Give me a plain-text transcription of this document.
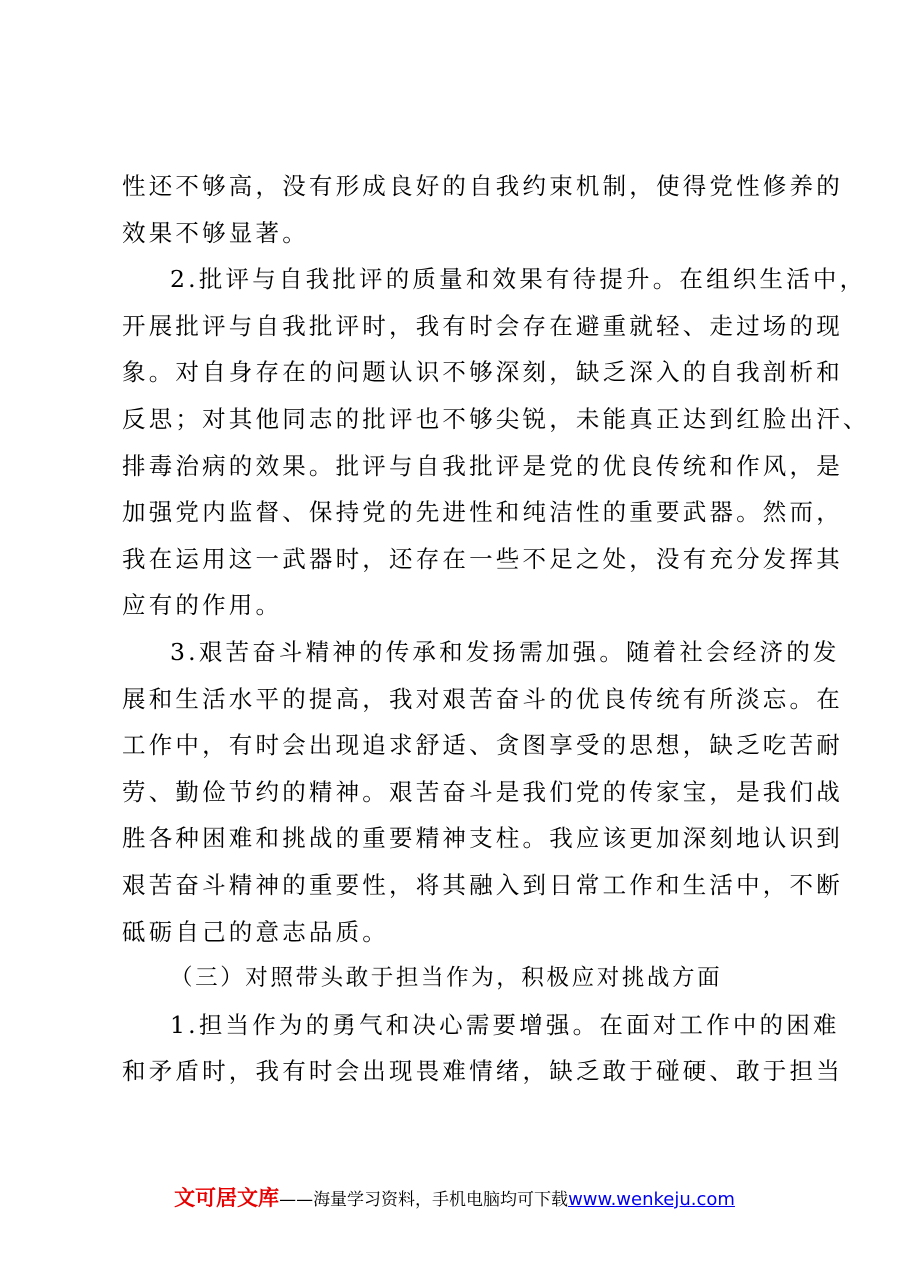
性还不够高，没有形成良好的自我约束机制，使得党性修养的
效果不够显著。
2.批评与自我批评的质量和效果有待提升。在组织生活中，
开展批评与自我批评时，我有时会存在避重就轻、走过场的现
象。对自身存在的问题认识不够深刻，缺乏深入的自我剖析和
反思；对其他同志的批评也不够尖锐，未能真正达到红脸出汗、
排毒治病的效果。批评与自我批评是党的优良传统和作风，是
加强党内监督、保持党的先进性和纯洁性的重要武器。然而，
我在运用这一武器时，还存在一些不足之处，没有充分发挥其
应有的作用。
3.艰苦奋斗精神的传承和发扬需加强。随着社会经济的发
展和生活水平的提高，我对艰苦奋斗的优良传统有所淡忘。在
工作中，有时会出现追求舒适、贪图享受的思想，缺乏吃苦耐
劳、勤俭节约的精神。艰苦奋斗是我们党的传家宝，是我们战
胜各种困难和挑战的重要精神支柱。我应该更加深刻地认识到
艰苦奋斗精神的重要性，将其融入到日常工作和生活中，不断
砥砺自己的意志品质。
（三）对照带头敢于担当作为，积极应对挑战方面
1.担当作为的勇气和决心需要增强。在面对工作中的困难
和矛盾时，我有时会出现畏难情绪，缺乏敢于碰硬、敢于担当
文可居文库——海量学习资料，手机电脑均可下载www.wenkeju.com
